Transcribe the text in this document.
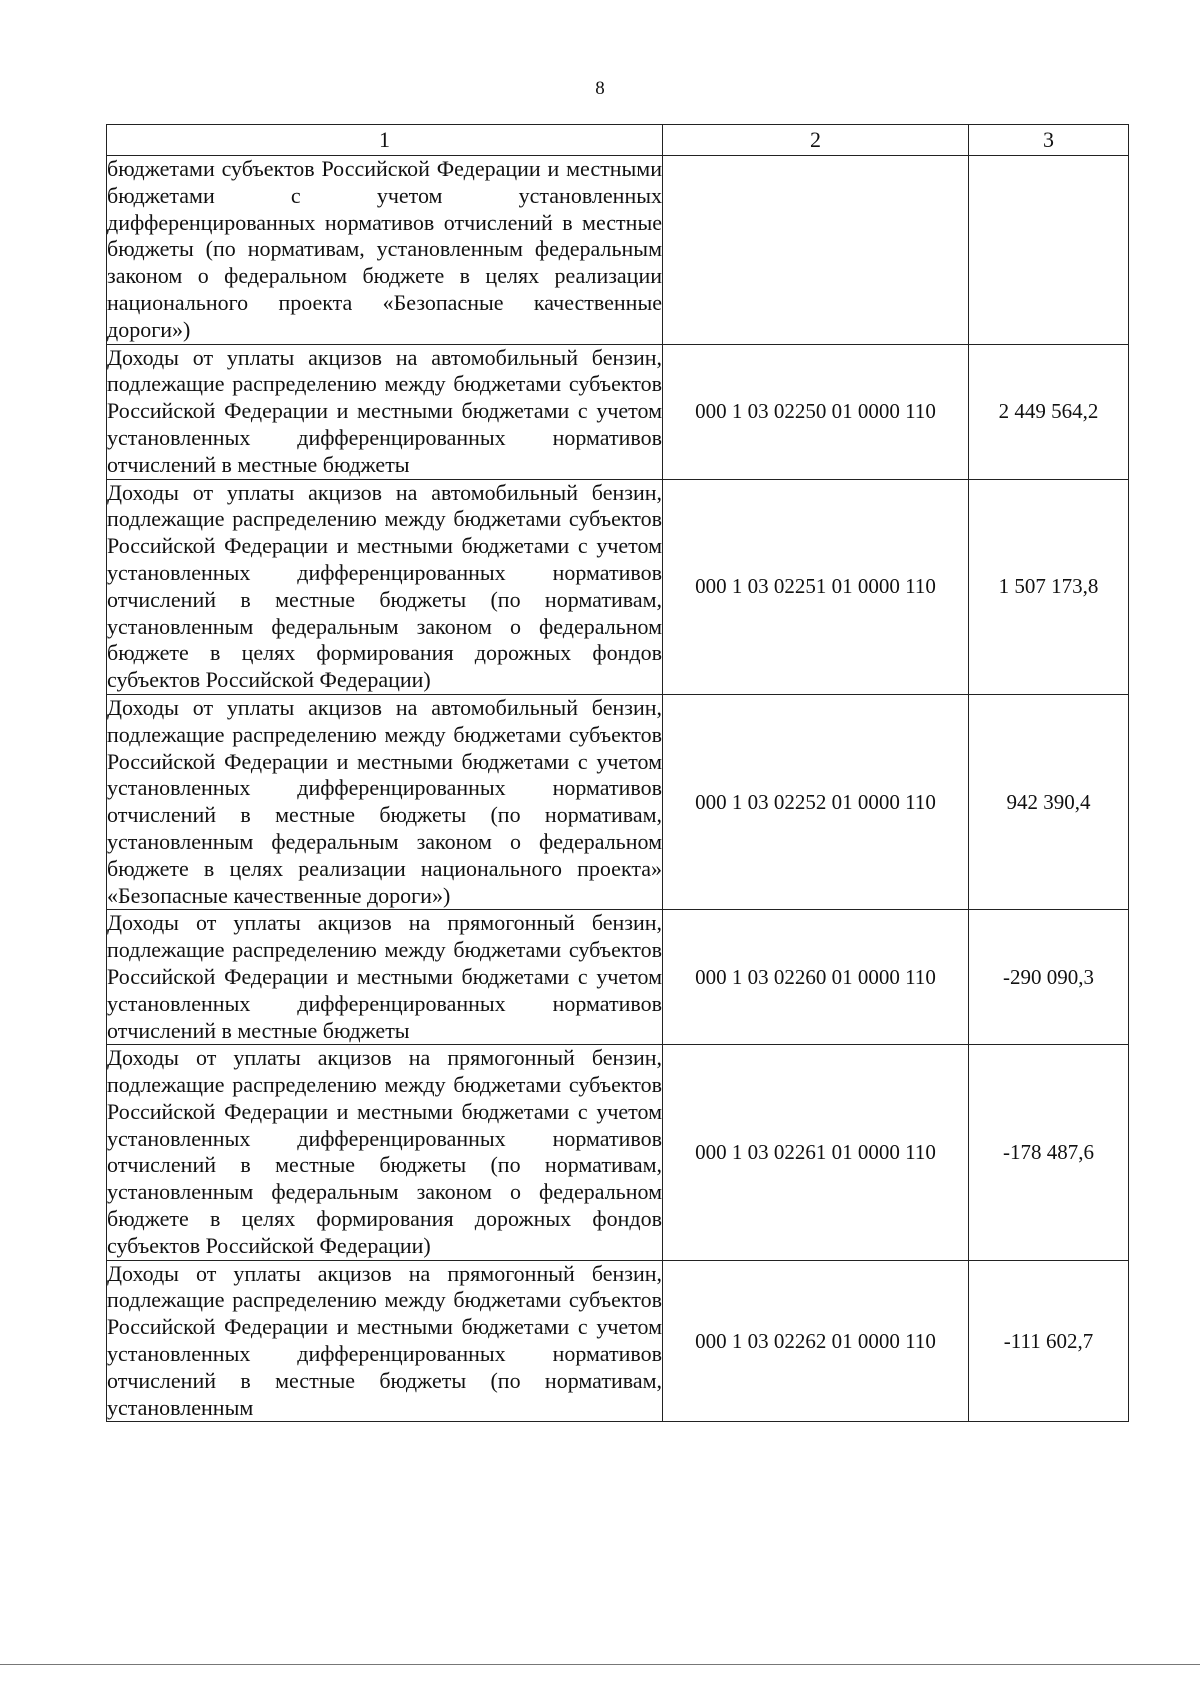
8
1	2	3
бюджетами субъектов Российской Федерации и местными бюджетами с учетом установленных дифференцированных нормативов отчислений в местные бюджеты (по нормативам, установленным федеральным законом о федеральном бюджете в целях реализации национального проекта «Безопасные качественные дороги»)		
Доходы от уплаты акцизов на автомобильный бензин, подлежащие распределению между бюджетами субъектов Российской Федерации и местными бюджетами с учетом установленных дифференцированных нормативов отчислений в местные бюджеты	000 1 03 02250 01 0000 110	2 449 564,2
Доходы от уплаты акцизов на автомобильный бензин, подлежащие распределению между бюджетами субъектов Российской Федерации и местными бюджетами с учетом установленных дифференцированных нормативов отчислений в местные бюджеты (по нормативам, установленным федеральным законом о федеральном бюджете в целях формирования дорожных фондов субъектов Российской Федерации)	000 1 03 02251 01 0000 110	1 507 173,8
Доходы от уплаты акцизов на автомобильный бензин, подлежащие распределению между бюджетами субъектов Российской Федерации и местными бюджетами с учетом установленных дифференцированных нормативов отчислений в местные бюджеты (по нормативам, установленным федеральным законом о федеральном бюджете в целях реализации национального проекта» «Безопасные качественные дороги»)	000 1 03 02252 01 0000 110	942 390,4
Доходы от уплаты акцизов на прямогонный бензин, подлежащие распределению между бюджетами субъектов Российской Федерации и местными бюджетами с учетом установленных дифференцированных нормативов отчислений в местные бюджеты	000 1 03 02260 01 0000 110	-290 090,3
Доходы от уплаты акцизов на прямогонный бензин, подлежащие распределению между бюджетами субъектов Российской Федерации и местными бюджетами с учетом установленных дифференцированных нормативов отчислений в местные бюджеты (по нормативам, установленным федеральным законом о федеральном бюджете в целях формирования дорожных фондов субъектов Российской Федерации)	000 1 03 02261 01 0000 110	-178 487,6
Доходы от уплаты акцизов на прямогонный бензин, подлежащие распределению между бюджетами субъектов Российской Федерации и местными бюджетами с учетом установленных дифференцированных нормативов отчислений в местные бюджеты (по нормативам, установленным	000 1 03 02262 01 0000 110	-111 602,7
